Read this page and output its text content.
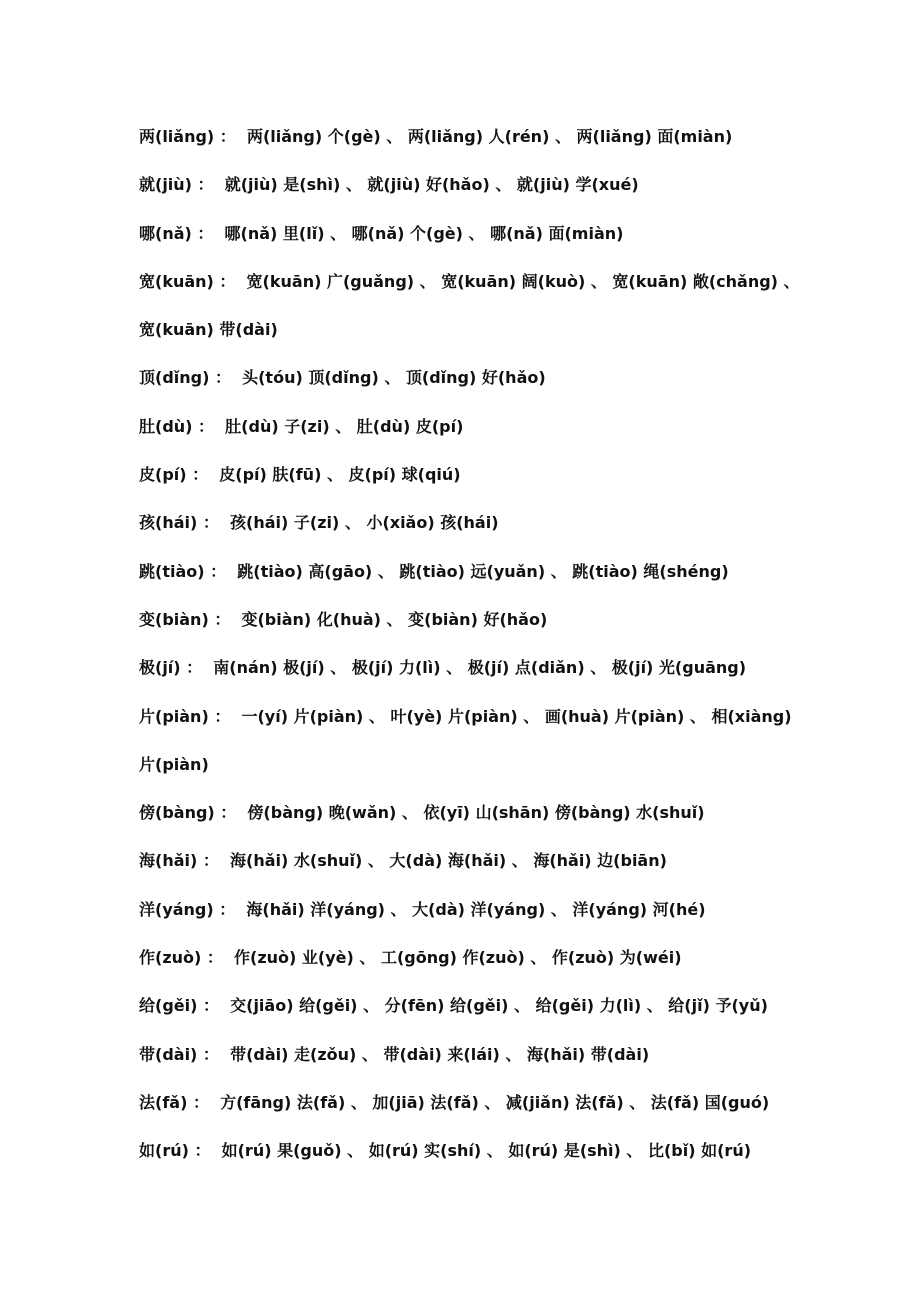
两(liǎng) ：  两(liǎng) 个(gè) 、 两(liǎng) 人(rén) 、 两(liǎng) 面(miàn)
就(jiù) ：  就(jiù) 是(shì) 、 就(jiù) 好(hǎo) 、 就(jiù) 学(xué)
哪(nǎ) ：  哪(nǎ) 里(lǐ) 、 哪(nǎ) 个(gè) 、 哪(nǎ) 面(miàn)
宽(kuān) ：  宽(kuān) 广(guǎng) 、 宽(kuān) 阔(kuò) 、 宽(kuān) 敞(chǎng) 、
宽(kuān) 带(dài)
顶(dǐng) ：  头(tóu) 顶(dǐng) 、 顶(dǐng) 好(hǎo)
肚(dù) ：  肚(dù) 子(zi) 、 肚(dù) 皮(pí)
皮(pí) ：  皮(pí) 肤(fū) 、 皮(pí) 球(qiú)
孩(hái) ：  孩(hái) 子(zi) 、 小(xiǎo) 孩(hái)
跳(tiào) ：  跳(tiào) 高(gāo) 、 跳(tiào) 远(yuǎn) 、 跳(tiào) 绳(shéng)
变(biàn) ：  变(biàn) 化(huà) 、 变(biàn) 好(hǎo)
极(jí) ：  南(nán) 极(jí) 、 极(jí) 力(lì) 、 极(jí) 点(diǎn) 、 极(jí) 光(guāng)
片(piàn) ：  一(yí) 片(piàn) 、 叶(yè) 片(piàn) 、 画(huà) 片(piàn) 、 相(xiàng)
片(piàn)
傍(bàng) ：  傍(bàng) 晚(wǎn) 、 依(yī) 山(shān) 傍(bàng) 水(shuǐ)
海(hǎi) ：  海(hǎi) 水(shuǐ) 、 大(dà) 海(hǎi) 、 海(hǎi) 边(biān)
洋(yáng) ：  海(hǎi) 洋(yáng) 、 大(dà) 洋(yáng) 、 洋(yáng) 河(hé)
作(zuò) ：  作(zuò) 业(yè) 、 工(gōng) 作(zuò) 、 作(zuò) 为(wéi)
给(gěi) ：  交(jiāo) 给(gěi) 、 分(fēn) 给(gěi) 、 给(gěi) 力(lì) 、 给(jǐ) 予(yǔ)
带(dài) ：  带(dài) 走(zǒu) 、 带(dài) 来(lái) 、 海(hǎi) 带(dài)
法(fǎ) ：  方(fāng) 法(fǎ) 、 加(jiā) 法(fǎ) 、 减(jiǎn) 法(fǎ) 、 法(fǎ) 国(guó)
如(rú) ：  如(rú) 果(guǒ) 、 如(rú) 实(shí) 、 如(rú) 是(shì) 、 比(bǐ) 如(rú)
